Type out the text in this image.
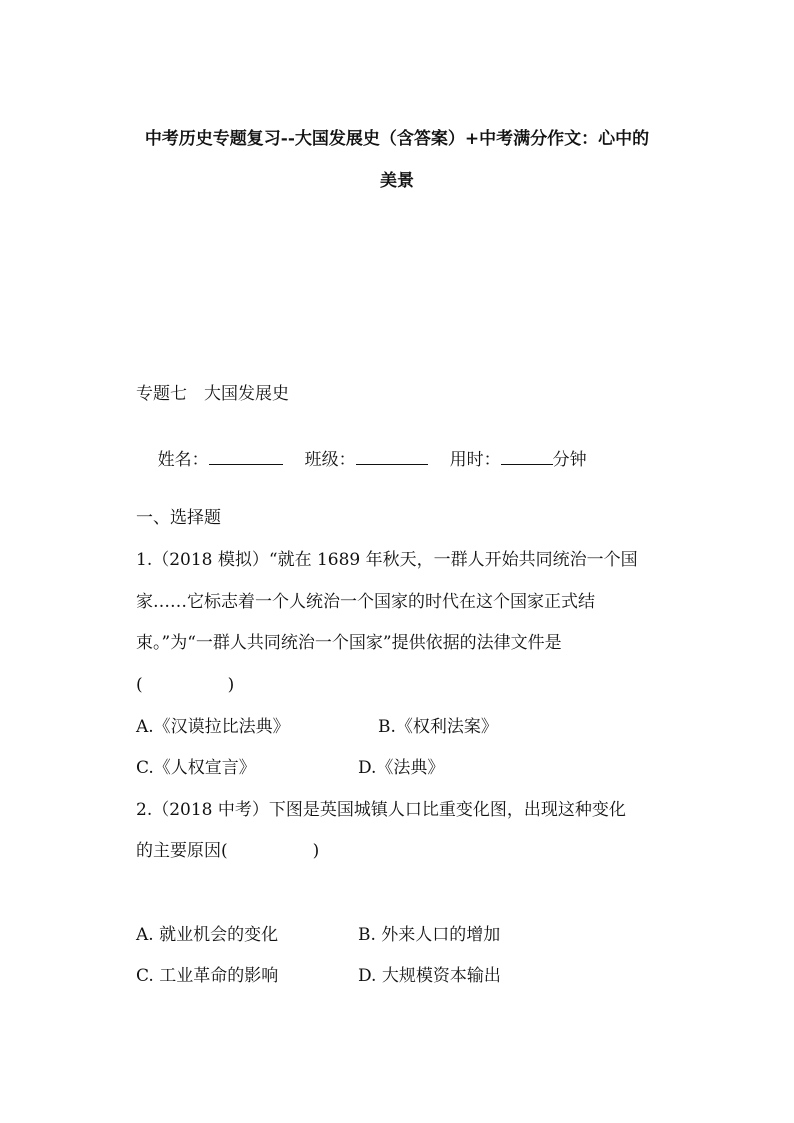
中考历史专题复习--大国发展史（含答案）+中考满分作文：心中的
美景
专题七　大国发展史

姓名：	班级：	用时：	分钟

一、选择题
1.（2018 模拟）“就在 1689 年秋天，一群人开始共同统治一个国
家……它标志着一个人统治一个国家的时代在这个国家正式结
束。”为“一群人共同统治一个国家”提供依据的法律文件是
(　　　　　)
A.《汉谟拉比法典》	B.《权利法案》
C.《人权宣言》	D.《法典》
2.（2018 中考）下图是英国城镇人口比重变化图，出现这种变化
的主要原因(　　　　　)
A. 就业机会的变化	B. 外来人口的增加
C. 工业革命的影响	D. 大规模资本输出
